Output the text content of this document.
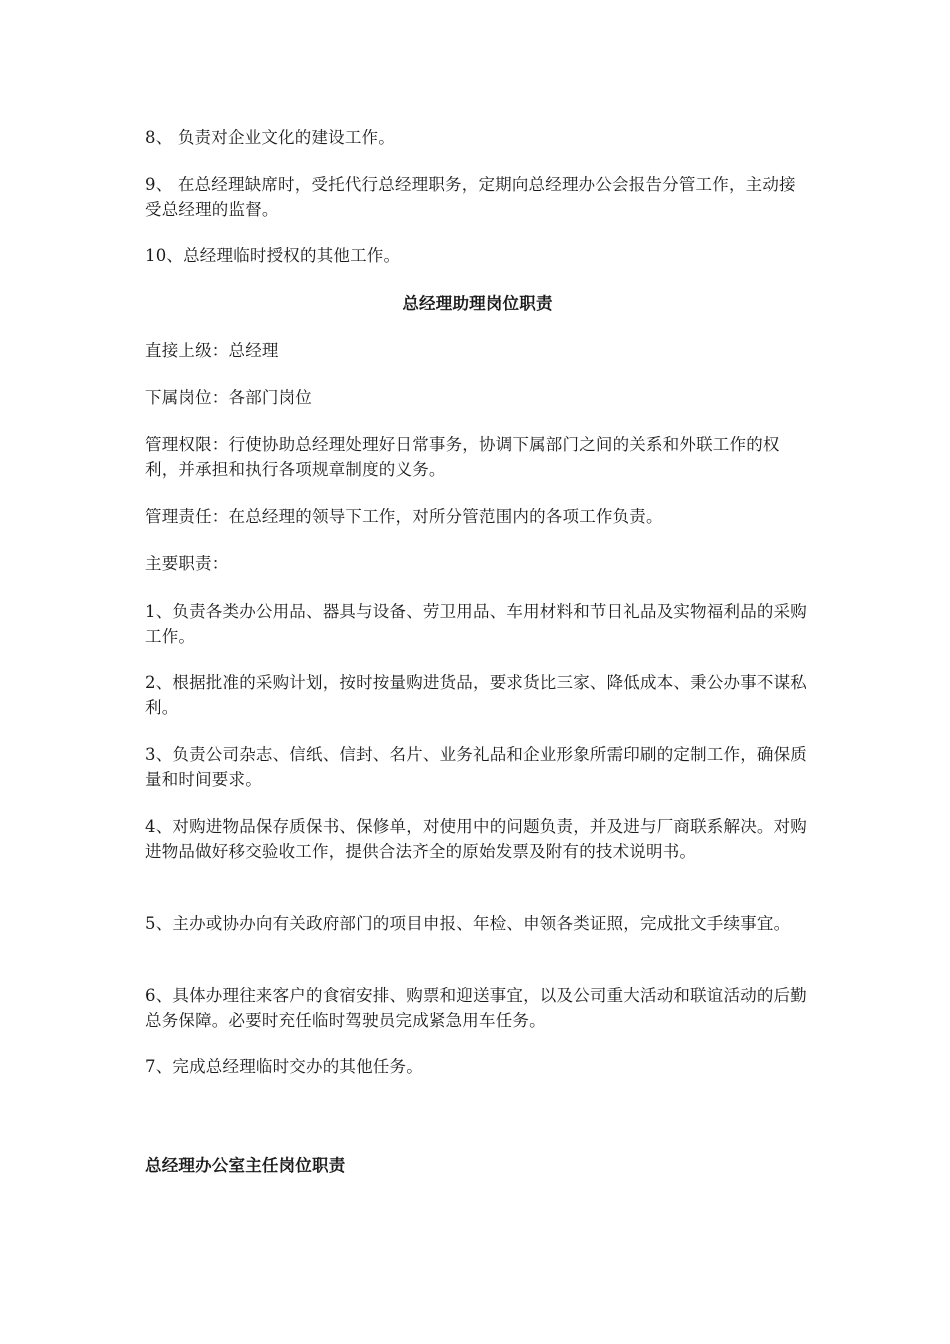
8、 负责对企业文化的建设工作。

9、 在总经理缺席时，受托代行总经理职务，定期向总经理办公会报告分管工作，主动接受总经理的监督。

10、总经理临时授权的其他工作。

总经理助理岗位职责

直接上级：总经理

下属岗位：各部门岗位

管理权限：行使协助总经理处理好日常事务，协调下属部门之间的关系和外联工作的权利，并承担和执行各项规章制度的义务。

管理责任：在总经理的领导下工作，对所分管范围内的各项工作负责。

主要职责：

1、负责各类办公用品、器具与设备、劳卫用品、车用材料和节日礼品及实物福利品的采购工作。

2、根据批准的采购计划，按时按量购进货品，要求货比三家、降低成本、秉公办事不谋私利。

3、负责公司杂志、信纸、信封、名片、业务礼品和企业形象所需印刷的定制工作，确保质量和时间要求。

4、对购进物品保存质保书、保修单，对使用中的问题负责，并及进与厂商联系解决。对购进物品做好移交验收工作，提供合法齐全的原始发票及附有的技术说明书。

5、主办或协办向有关政府部门的项目申报、年检、申领各类证照，完成批文手续事宜。

6、具体办理往来客户的食宿安排、购票和迎送事宜，以及公司重大活动和联谊活动的后勤总务保障。必要时充任临时驾驶员完成紧急用车任务。

7、完成总经理临时交办的其他任务。

总经理办公室主任岗位职责
